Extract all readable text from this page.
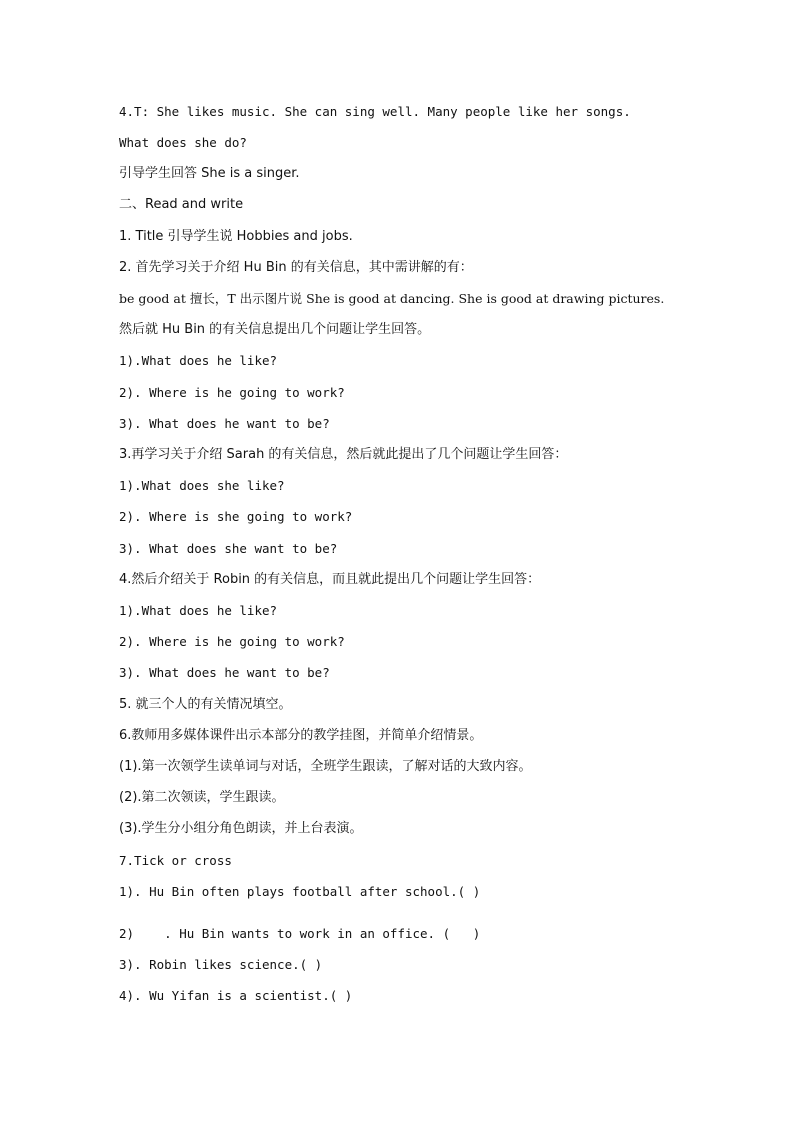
4.T: She likes music. She can sing well. Many people like her songs.
What does she do?
引导学生回答 She is a singer.
二、Read and write
1. Title 引导学生说 Hobbies and jobs.
2. 首先学习关于介绍 Hu Bin 的有关信息，其中需讲解的有：
be good at 擅长，T 出示图片说 She is good at dancing. She is good at drawing pictures.
然后就 Hu Bin 的有关信息提出几个问题让学生回答。
1).What does he like?
2). Where is he going to work?
3). What does he want to be?
3.再学习关于介绍 Sarah 的有关信息，然后就此提出了几个问题让学生回答：
1).What does she like?
2). Where is she going to work?
3). What does she want to be?
4.然后介绍关于 Robin 的有关信息，而且就此提出几个问题让学生回答：
1).What does he like?
2). Where is he going to work?
3). What does he want to be?
5. 就三个人的有关情况填空。
6.教师用多媒体课件出示本部分的教学挂图，并简单介绍情景。
(1).第一次领学生读单词与对话，全班学生跟读，了解对话的大致内容。
(2).第二次领读，学生跟读。
(3).学生分小组分角色朗读，并上台表演。
7.Tick or cross
1). Hu Bin often plays football after school.( )
2)    . Hu Bin wants to work in an office. (   )
3). Robin likes science.( )
4). Wu Yifan is a scientist.( )
